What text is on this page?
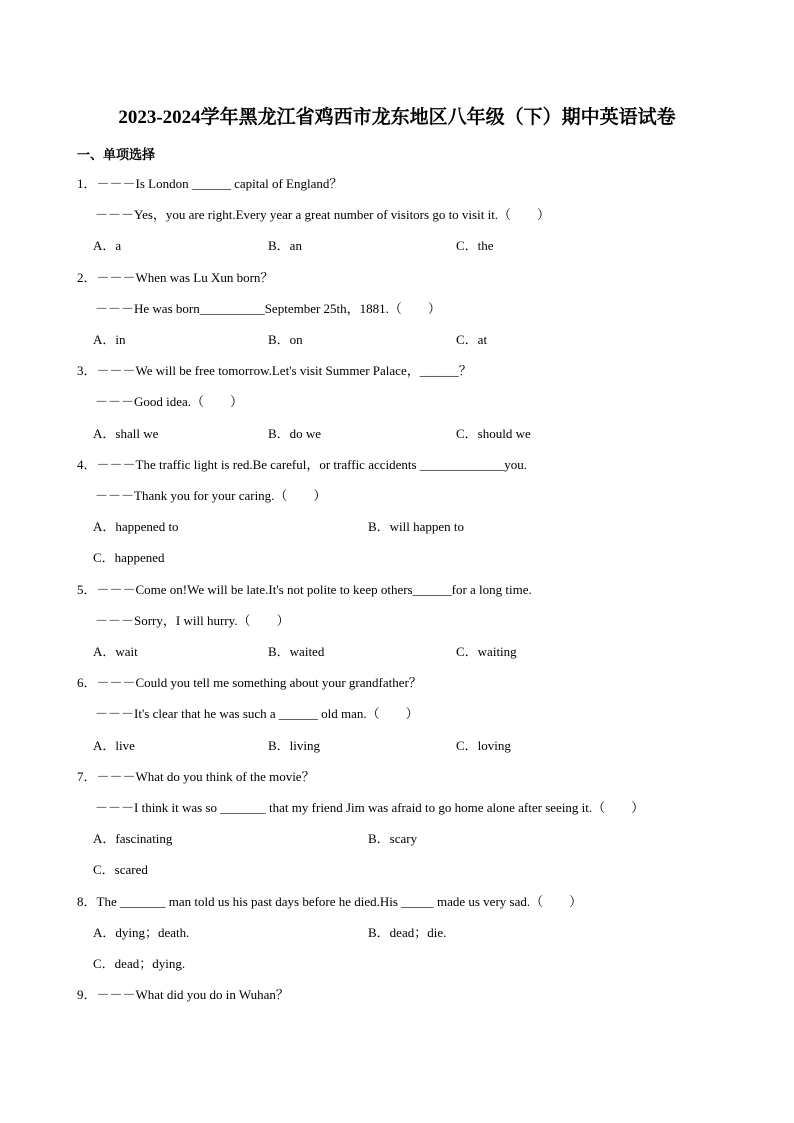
2023-2024学年黑龙江省鸡西市龙东地区八年级（下）期中英语试卷
一、单项选择
1．－－－Is London ______ capital of England？
－－－Yes，you are right.Every year a great number of visitors go to visit it.（　　）
A．a	B．an	C．the
2．－－－When was Lu Xun born？
－－－He was born__________September 25th，1881.（　　）
A．in	B．on	C．at
3．－－－We will be free tomorrow.Let's visit Summer Palace，______？
－－－Good idea.（　　）
A．shall we	B．do we	C．should we
4．－－－The traffic light is red.Be careful，or traffic accidents _____________you.
－－－Thank you for your caring.（　　）
A．happened to	B．will happen to
C．happened
5．－－－Come on!We will be late.It's not polite to keep others______for a long time.
－－－Sorry，I will hurry.（　　）
A．wait	B．waited	C．waiting
6．－－－Could you tell me something about your grandfather？
－－－It's clear that he was such a ______ old man.（　　）
A．live	B．living	C．loving
7．－－－What do you think of the movie？
－－－I think it was so _______ that my friend Jim was afraid to go home alone after seeing it.（　　）
A．fascinating	B．scary
C．scared
8．The _______ man told us his past days before he died.His _____ made us very sad.（　　）
A．dying；death.	B．dead；die.
C．dead；dying.
9．－－－What did you do in Wuhan？
